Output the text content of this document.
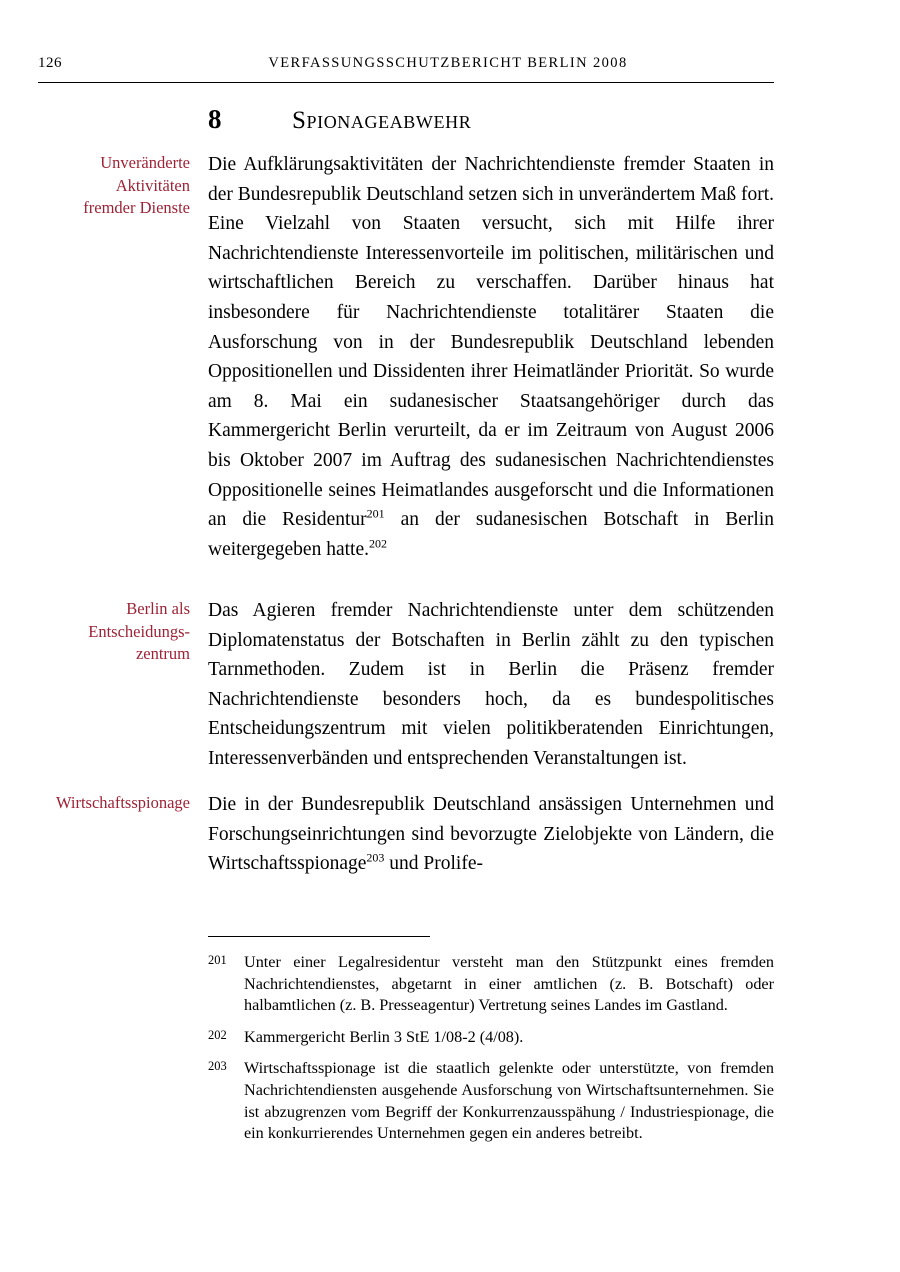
126	VERFASSUNGSSCHUTZBERICHT BERLIN 2008
8	Spionageabwehr
Unveränderte
Aktivitäten
fremder Dienste

Die Aufklärungsaktivitäten der Nachrichtendienste fremder Staaten in der Bundesrepublik Deutschland setzen sich in unverändertem Maß fort. Eine Vielzahl von Staaten versucht, sich mit Hilfe ihrer Nachrichtendienste Interessenvorteile im politischen, militärischen und wirtschaftlichen Bereich zu verschaffen. Darüber hinaus hat insbesondere für Nachrichtendienste totalitärer Staaten die Ausforschung von in der Bundesrepublik Deutschland lebenden Oppositionellen und Dissidenten ihrer Heimatländer Priorität. So wurde am 8. Mai ein sudanesischer Staatsangehöriger durch das Kammergericht Berlin verurteilt, da er im Zeitraum von August 2006 bis Oktober 2007 im Auftrag des sudanesischen Nachrichtendienstes Oppositionelle seines Heimatlandes ausgeforscht und die Informationen an die Residentur$^{201}$ an der sudanesischen Botschaft in Berlin weitergegeben hatte.$^{202}$

Berlin als
Entscheidungs-
zentrum

Das Agieren fremder Nachrichtendienste unter dem schützenden Diplomatenstatus der Botschaften in Berlin zählt zu den typischen Tarnmethoden. Zudem ist in Berlin die Präsenz fremder Nachrichtendienste besonders hoch, da es bundespolitisches Entscheidungszentrum mit vielen politikberatenden Einrichtungen, Interessenverbänden und entsprechenden Veranstaltungen ist.

Wirtschaftsspionage Die in der Bundesrepublik Deutschland ansässigen Unternehmen und Forschungseinrichtungen sind bevorzugte Zielobjekte von Ländern, die Wirtschaftsspionage$^{203}$ und Prolife-

201	Unter einer Legalresidentur versteht man den Stützpunkt eines fremden Nachrichtendienstes, abgetarnt in einer amtlichen (z. B. Botschaft) oder halbamtlichen (z. B. Presseagentur) Vertretung seines Landes im Gastland.
202	Kammergericht Berlin 3 StE 1/08-2 (4/08).
203	Wirtschaftsspionage ist die staatlich gelenkte oder unterstützte, von fremden Nachrichtendiensten ausgehende Ausforschung von Wirtschaftsunternehmen. Sie ist abzugrenzen vom Begriff der Konkurrenzausspähung / Industriespionage, die ein konkurrierendes Unternehmen gegen ein anderes betreibt.
